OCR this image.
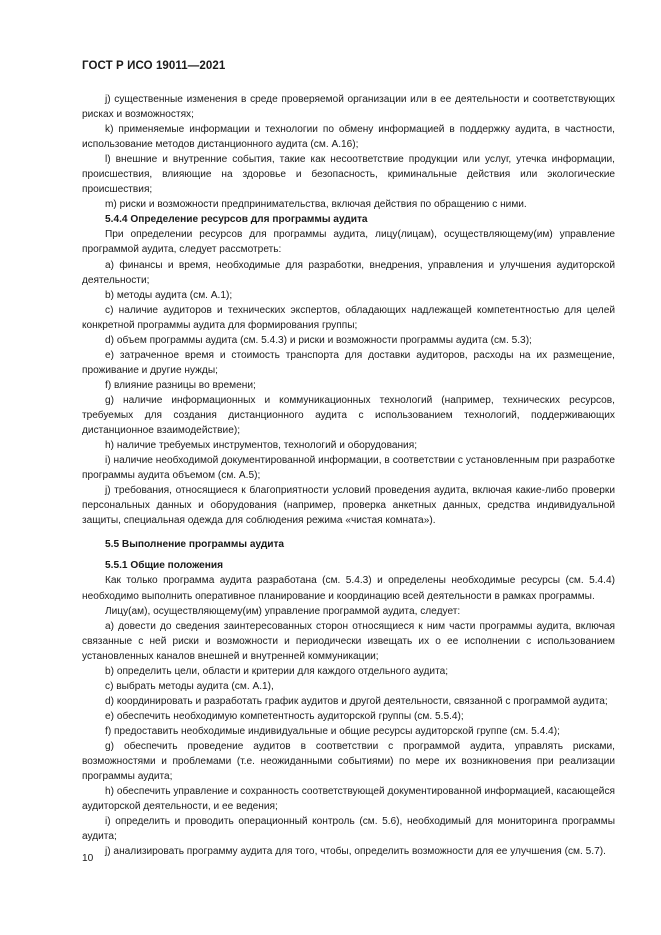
ГОСТ Р ИСО 19011—2021

j) существенные изменения в среде проверяемой организации или в ее деятельности и соответствующих рисках и возможностях;

k) применяемые информации и технологии по обмену информацией в поддержку аудита, в частности, использование методов дистанционного аудита (см. А.16);

l) внешние и внутренние события, такие как несоответствие продукции или услуг, утечка информации, происшествия, влияющие на здоровье и безопасность, криминальные действия или экологические происшествия;

m) риски и возможности предпринимательства, включая действия по обращению с ними.

5.4.4 Определение ресурсов для программы аудита

При определении ресурсов для программы аудита, лицу(лицам), осуществляющему(им) управление программой аудита, следует рассмотреть:

a) финансы и время, необходимые для разработки, внедрения, управления и улучшения аудиторской деятельности;

b) методы аудита (см. А.1);

c) наличие аудиторов и технических экспертов, обладающих надлежащей компетентностью для целей конкретной программы аудита для формирования группы;

d) объем программы аудита (см. 5.4.3) и риски и возможности программы аудита (см. 5.3);

e) затраченное время и стоимость транспорта для доставки аудиторов, расходы на их размещение, проживание и другие нужды;

f) влияние разницы во времени;

g) наличие информационных и коммуникационных технологий (например, технических ресурсов, требуемых для создания дистанционного аудита с использованием технологий, поддерживающих дистанционное взаимодействие);

h) наличие требуемых инструментов, технологий и оборудования;

i) наличие необходимой документированной информации, в соответствии с установленным при разработке программы аудита объемом (см. А.5);

j) требования, относящиеся к благоприятности условий проведения аудита, включая какие-либо проверки персональных данных и оборудования (например, проверка анкетных данных, средства индивидуальной защиты, специальная одежда для соблюдения режима «чистая комната»).

5.5 Выполнение программы аудита

5.5.1 Общие положения

Как только программа аудита разработана (см. 5.4.3) и определены необходимые ресурсы (см. 5.4.4) необходимо выполнить оперативное планирование и координацию всей деятельности в рамках программы.

Лицу(ам), осуществляющему(им) управление программой аудита, следует:

a) довести до сведения заинтересованных сторон относящиеся к ним части программы аудита, включая связанные с ней риски и возможности и периодически извещать их о ее исполнении с использованием установленных каналов внешней и внутренней коммуникации;

b) определить цели, области и критерии для каждого отдельного аудита;

c) выбрать методы аудита (см. А.1),

d) координировать и разработать график аудитов и другой деятельности, связанной с программой аудита;

e) обеспечить необходимую компетентность аудиторской группы (см. 5.5.4);

f) предоставить необходимые индивидуальные и общие ресурсы аудиторской группе (см. 5.4.4);

g) обеспечить проведение аудитов в соответствии с программой аудита, управлять рисками, возможностями и проблемами (т.е. неожиданными событиями) по мере их возникновения при реализации программы аудита;

h) обеспечить управление и сохранность соответствующей документированной информацией, касающейся аудиторской деятельности, и ее ведения;

i) определить и проводить операционный контроль (см. 5.6), необходимый для мониторинга программы аудита;

j) анализировать программу аудита для того, чтобы, определить возможности для ее улучшения (см. 5.7).

10
